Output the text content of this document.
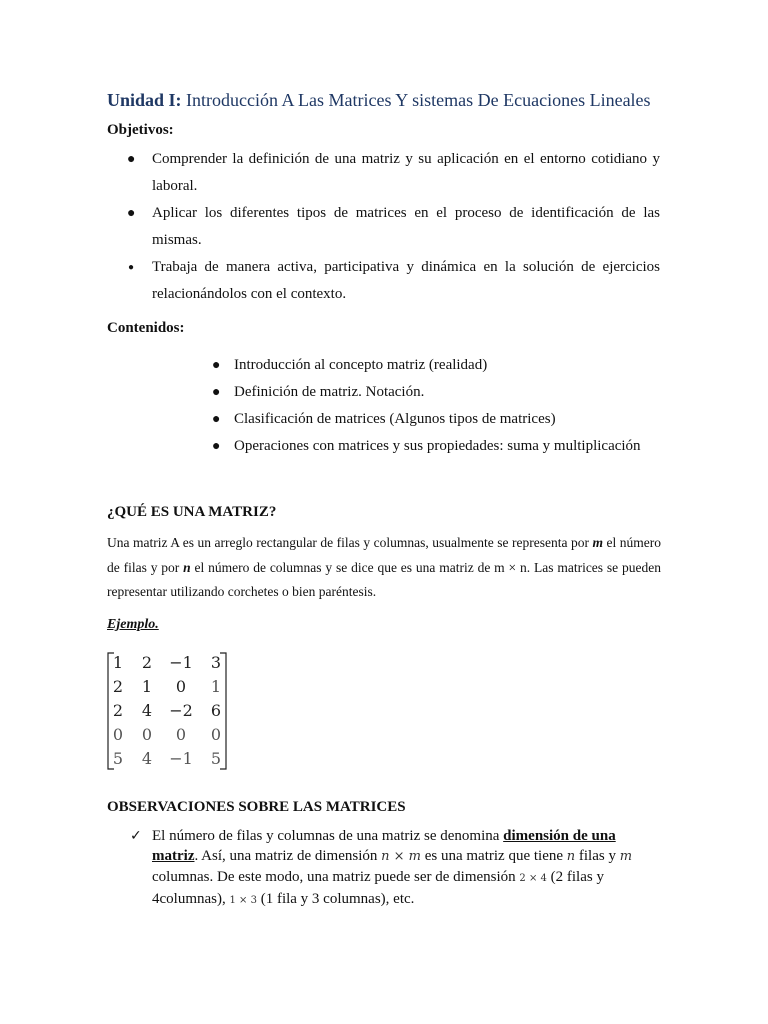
Unidad I: Introducción A Las Matrices Y sistemas De Ecuaciones Lineales
Objetivos:
● Comprender la definición de una matriz y su aplicación en el entorno cotidiano y laboral.
● Aplicar los diferentes tipos de matrices en el proceso de identificación de las mismas.
● Trabaja de manera activa, participativa y dinámica en la solución de ejercicios relacionándolos con el contexto.
Contenidos:
● Introducción al concepto matriz (realidad)
● Definición de matriz. Notación.
● Clasificación de matrices (Algunos tipos de matrices)
● Operaciones con matrices y sus propiedades: suma y multiplicación
¿QUÉ ES UNA MATRIZ?
Una matriz A es un arreglo rectangular de filas y columnas, usualmente se representa por m el número de filas y por n el número de columnas y se dice que es una matriz de m × n. Las matrices se pueden representar utilizando corchetes o bien paréntesis.
Ejemplo.
1 2 −1 3
2 1 0 1
2 4 −2 6
0 0 0 0
5 4 −1 5
OBSERVACIONES SOBRE LAS MATRICES
✓ El número de filas y columnas de una matriz se denomina dimensión de una matriz. Así, una matriz de dimensión n × m es una matriz que tiene n filas y m columnas. De este modo, una matriz puede ser de dimensión 2 × 4 (2 filas y 4columnas), 1 × 3 (1 fila y 3 columnas), etc.
